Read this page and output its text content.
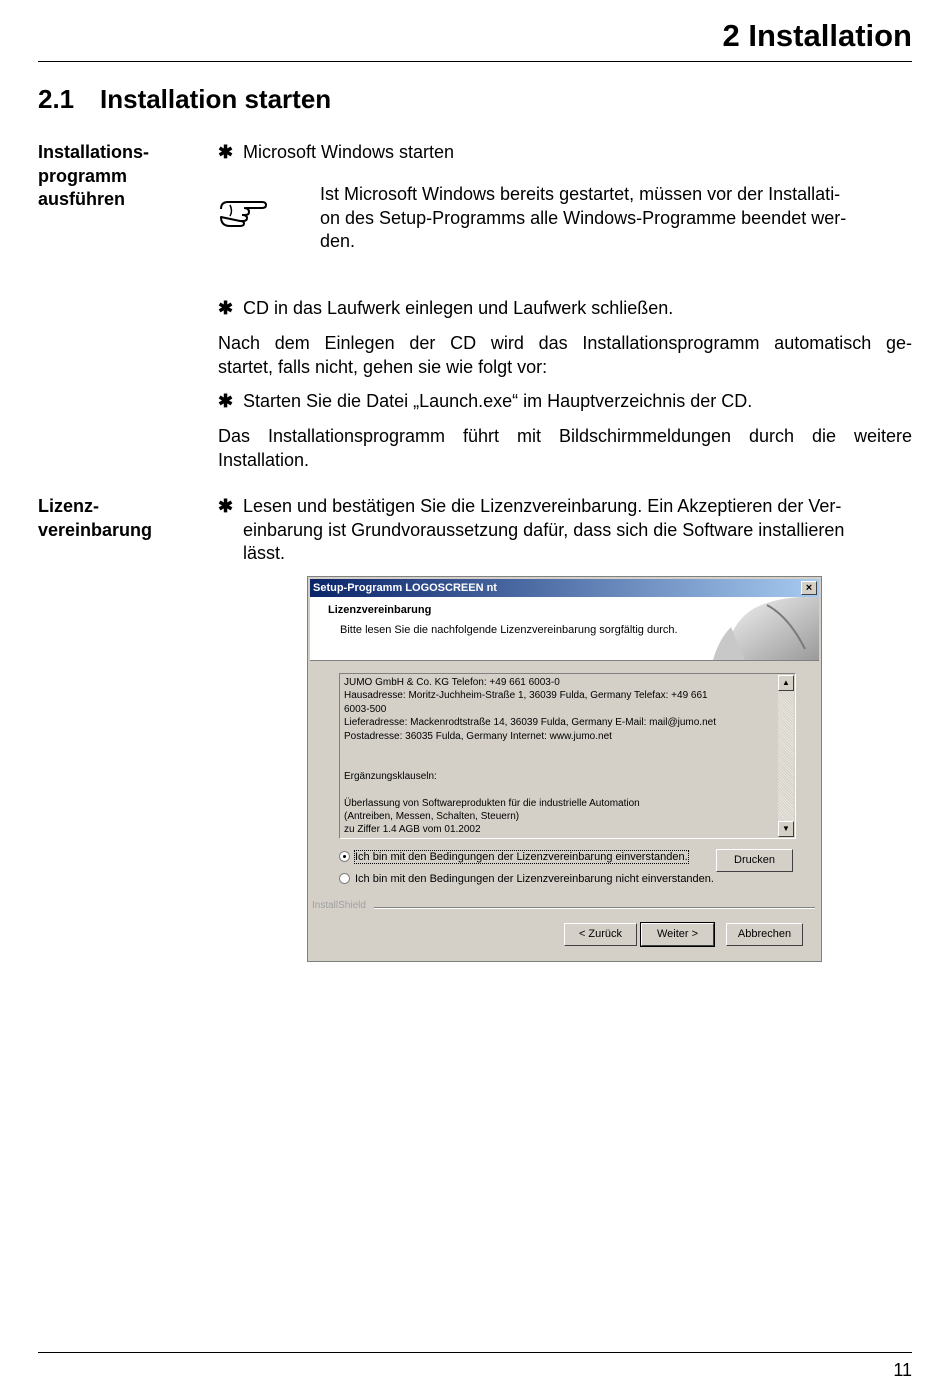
2 Installation
2.1 Installation starten
Installations-
programm
ausführen
✱ Microsoft Windows starten
Ist Microsoft Windows bereits gestartet, müssen vor der Installati-
on des Setup-Programms alle Windows-Programme beendet wer-
den.
✱ CD in das Laufwerk einlegen und Laufwerk schließen.
Nach dem Einlegen der CD wird das Installationsprogramm automatisch ge-
startet, falls nicht, gehen sie wie folgt vor:
✱ Starten Sie die Datei „Launch.exe“ im Hauptverzeichnis der CD.
Das Installationsprogramm führt mit Bildschirmmeldungen durch die weitere
Installation.
Lizenz-
vereinbarung
✱ Lesen und bestätigen Sie die Lizenzvereinbarung. Ein Akzeptieren der Ver-
einbarung ist Grundvoraussetzung dafür, dass sich die Software installieren
lässt.
Setup-Programm LOGOSCREEN nt	×
Lizenzvereinbarung
Bitte lesen Sie die nachfolgende Lizenzvereinbarung sorgfältig durch.
JUMO GmbH & Co. KG Telefon: +49 661 6003-0
Hausadresse: Moritz-Juchheim-Straße 1, 36039 Fulda, Germany Telefax: +49 661
6003-500
Lieferadresse: Mackenrodtstraße 14, 36039 Fulda, Germany E-Mail: mail@jumo.net
Postadresse: 36035 Fulda, Germany Internet: www.jumo.net
Ergänzungsklauseln:
Überlassung von Softwareprodukten für die industrielle Automation
(Antreiben, Messen, Schalten, Steuern)
zu Ziffer 1.4 AGB vom 01.2002
▲
▼
Ich bin mit den Bedingungen der Lizenzvereinbarung einverstanden.
Ich bin mit den Bedingungen der Lizenzvereinbarung nicht einverstanden.
Drucken
InstallShield
< Zurück	Weiter >	Abbrechen
11
